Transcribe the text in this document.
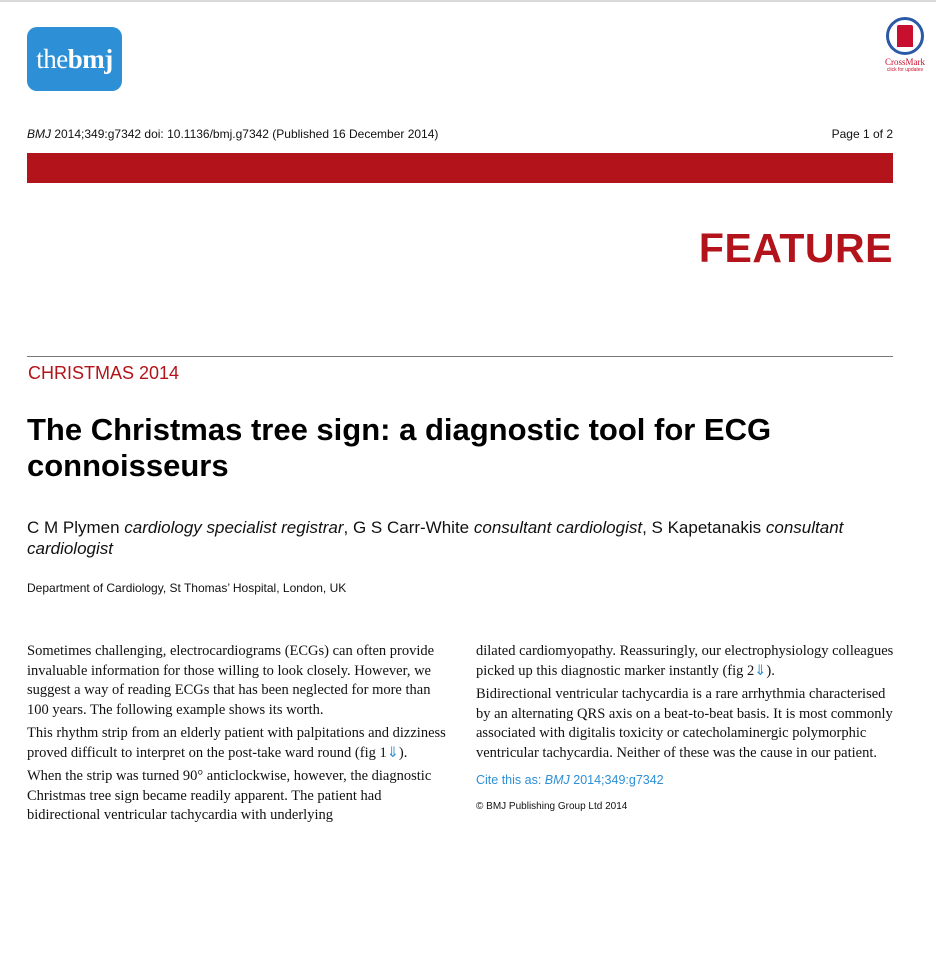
the bmj	CrossMark
click for updates
BMJ 2014;349:g7342 doi: 10.1136/bmj.g7342 (Published 16 December 2014)	Page 1 of 2
FEATURE
CHRISTMAS 2014
The Christmas tree sign: a diagnostic tool for ECG connoisseurs
C M Plymen cardiology specialist registrar, G S Carr-White consultant cardiologist, S Kapetanakis consultant cardiologist
Department of Cardiology, St Thomas’ Hospital, London, UK

Sometimes challenging, electrocardiograms (ECGs) can often provide invaluable information for those willing to look closely. However, we suggest a way of reading ECGs that has been neglected for more than 100 years. The following example shows its worth.

This rhythm strip from an elderly patient with palpitations and dizziness proved difficult to interpret on the post-take ward round (fig 1⇓).

When the strip was turned 90° anticlockwise, however, the diagnostic Christmas tree sign became readily apparent. The patient had bidirectional ventricular tachycardia with underlying

dilated cardiomyopathy. Reassuringly, our electrophysiology colleagues picked up this diagnostic marker instantly (fig 2⇓).

Bidirectional ventricular tachycardia is a rare arrhythmia characterised by an alternating QRS axis on a beat-to-beat basis. It is most commonly associated with digitalis toxicity or catecholaminergic polymorphic ventricular tachycardia. Neither of these was the cause in our patient.

Cite this as: BMJ 2014;349:g7342
© BMJ Publishing Group Ltd 2014
